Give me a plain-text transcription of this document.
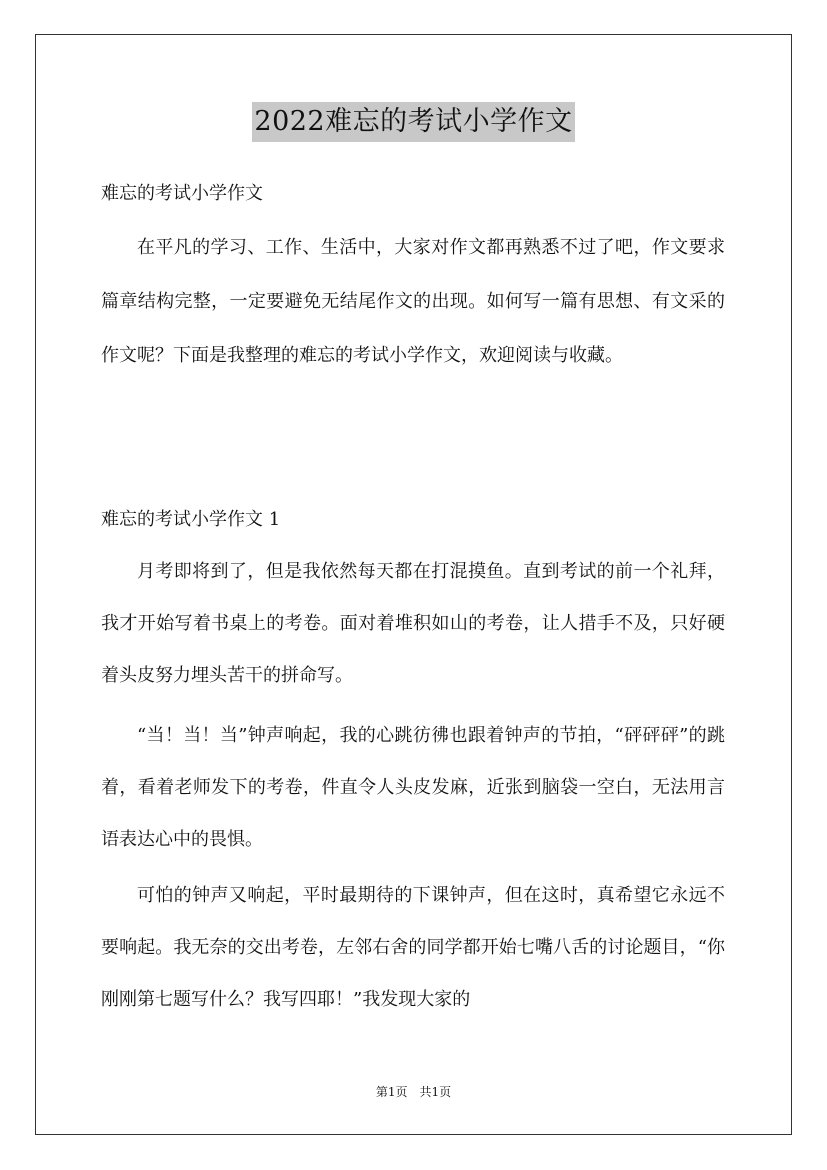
2022难忘的考试小学作文
难忘的考试小学作文

在平凡的学习、工作、生活中，大家对作文都再熟悉不过了吧，作文要求篇章结构完整，一定要避免无结尾作文的出现。如何写一篇有思想、有文采的作文呢？下面是我整理的难忘的考试小学作文，欢迎阅读与收藏。

难忘的考试小学作文 1

月考即将到了，但是我依然每天都在打混摸鱼。直到考试的前一个礼拜，我才开始写着书桌上的考卷。面对着堆积如山的考卷，让人措手不及，只好硬着头皮努力埋头苦干的拼命写。

“当！当！当”钟声响起，我的心跳彷彿也跟着钟声的节拍，“砰砰砰”的跳着，看着老师发下的考卷，件直令人头皮发麻，近张到脑袋一空白，无法用言语表达心中的畏惧。

可怕的钟声又响起，平时最期待的下课钟声，但在这时，真希望它永远不要响起。我无奈的交出考卷，左邻右舍的同学都开始七嘴八舌的讨论题目，“你刚刚第七题写什么？我写四耶！”我发现大家的

第1页 共1页
